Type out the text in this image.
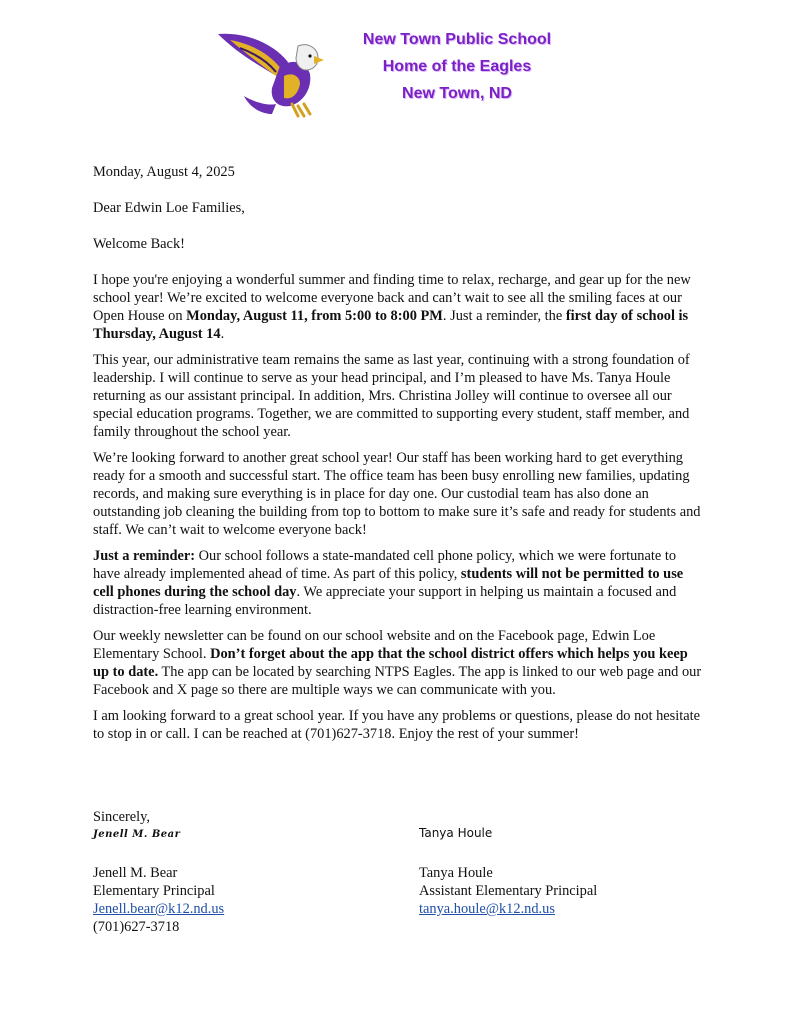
New Town Public School
Home of the Eagles
New Town, ND

Monday, August 4, 2025

Dear Edwin Loe Families,

Welcome Back!

I hope you're enjoying a wonderful summer and finding time to relax, recharge, and gear up for the new school year! We’re excited to welcome everyone back and can’t wait to see all the smiling faces at our Open House on Monday, August 11, from 5:00 to 8:00 PM. Just a reminder, the first day of school is Thursday, August 14.

This year, our administrative team remains the same as last year, continuing with a strong foundation of leadership. I will continue to serve as your head principal, and I’m pleased to have Ms. Tanya Houle returning as our assistant principal. In addition, Mrs. Christina Jolley will continue to oversee all our special education programs. Together, we are committed to supporting every student, staff member, and family throughout the school year.

We’re looking forward to another great school year! Our staff has been working hard to get everything ready for a smooth and successful start. The office team has been busy enrolling new families, updating records, and making sure everything is in place for day one. Our custodial team has also done an outstanding job cleaning the building from top to bottom to make sure it’s safe and ready for students and staff. We can’t wait to welcome everyone back!

Just a reminder: Our school follows a state-mandated cell phone policy, which we were fortunate to have already implemented ahead of time. As part of this policy, students will not be permitted to use cell phones during the school day. We appreciate your support in helping us maintain a focused and distraction-free learning environment.

Our weekly newsletter can be found on our school website and on the Facebook page, Edwin Loe Elementary School. Don’t forget about the app that the school district offers which helps you keep up to date. The app can be located by searching NTPS Eagles. The app is linked to our web page and our Facebook and X page so there are multiple ways we can communicate with you.

I am looking forward to a great school year. If you have any problems or questions, please do not hesitate to stop in or call. I can be reached at (701)627-3718. Enjoy the rest of your summer!

Sincerely,
Jenell M. Bear	Tanya Houle
Jenell M. Bear
Elementary Principal
Jenell.bear@k12.nd.us
(701)627-3718
Tanya Houle
Assistant Elementary Principal
tanya.houle@k12.nd.us
